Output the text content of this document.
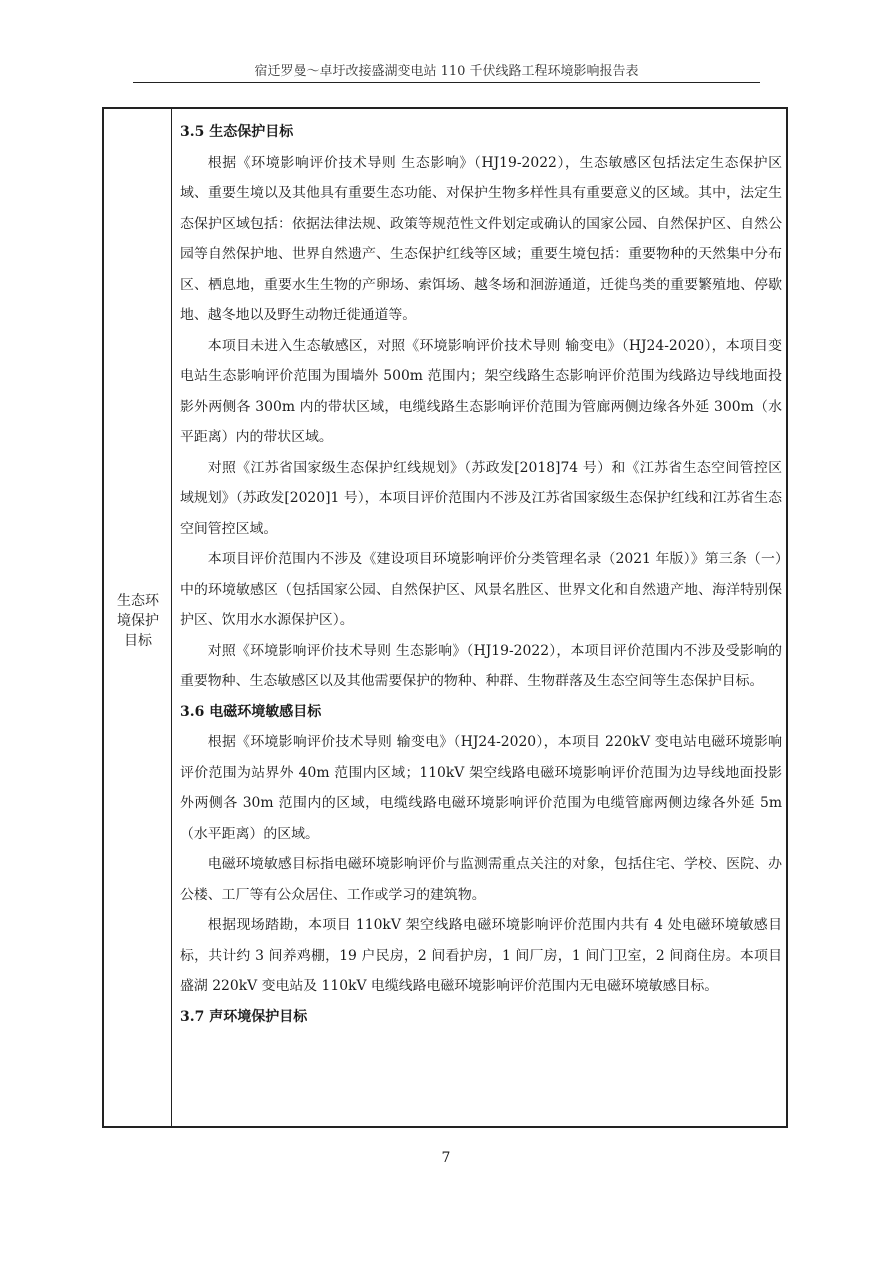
宿迁罗曼～卓圩改接盛湖变电站 110 千伏线路工程环境影响报告表
生态环
境保护
目标
3.5 生态保护目标

根据《环境影响评价技术导则 生态影响》（HJ19-2022），生态敏感区包括法定生态保护区域、重要生境以及其他具有重要生态功能、对保护生物多样性具有重要意义的区域。其中，法定生态保护区域包括：依据法律法规、政策等规范性文件划定或确认的国家公园、自然保护区、自然公园等自然保护地、世界自然遗产、生态保护红线等区域；重要生境包括：重要物种的天然集中分布区、栖息地，重要水生生物的产卵场、索饵场、越冬场和洄游通道，迁徙鸟类的重要繁殖地、停歇地、越冬地以及野生动物迁徙通道等。

本项目未进入生态敏感区，对照《环境影响评价技术导则 输变电》（HJ24-2020），本项目变电站生态影响评价范围为围墙外 500m 范围内；架空线路生态影响评价范围为线路边导线地面投影外两侧各 300m 内的带状区域，电缆线路生态影响评价范围为管廊两侧边缘各外延 300m（水平距离）内的带状区域。

对照《江苏省国家级生态保护红线规划》（苏政发[2018]74 号）和《江苏省生态空间管控区域规划》（苏政发[2020]1 号），本项目评价范围内不涉及江苏省国家级生态保护红线和江苏省生态空间管控区域。

本项目评价范围内不涉及《建设项目环境影响评价分类管理名录（2021 年版）》第三条（一）中的环境敏感区（包括国家公园、自然保护区、风景名胜区、世界文化和自然遗产地、海洋特别保护区、饮用水水源保护区）。

对照《环境影响评价技术导则 生态影响》（HJ19-2022），本项目评价范围内不涉及受影响的重要物种、生态敏感区以及其他需要保护的物种、种群、生物群落及生态空间等生态保护目标。

3.6 电磁环境敏感目标

根据《环境影响评价技术导则 输变电》（HJ24-2020），本项目 220kV 变电站电磁环境影响评价范围为站界外 40m 范围内区域；110kV 架空线路电磁环境影响评价范围为边导线地面投影外两侧各 30m 范围内的区域，电缆线路电磁环境影响评价范围为电缆管廊两侧边缘各外延 5m（水平距离）的区域。

电磁环境敏感目标指电磁环境影响评价与监测需重点关注的对象，包括住宅、学校、医院、办公楼、工厂等有公众居住、工作或学习的建筑物。

根据现场踏勘，本项目 110kV 架空线路电磁环境影响评价范围内共有 4 处电磁环境敏感目标，共计约 3 间养鸡棚，19 户民房，2 间看护房，1 间厂房，1 间门卫室，2 间商住房。本项目盛湖 220kV 变电站及 110kV 电缆线路电磁环境影响评价范围内无电磁环境敏感目标。

3.7 声环境保护目标
7
